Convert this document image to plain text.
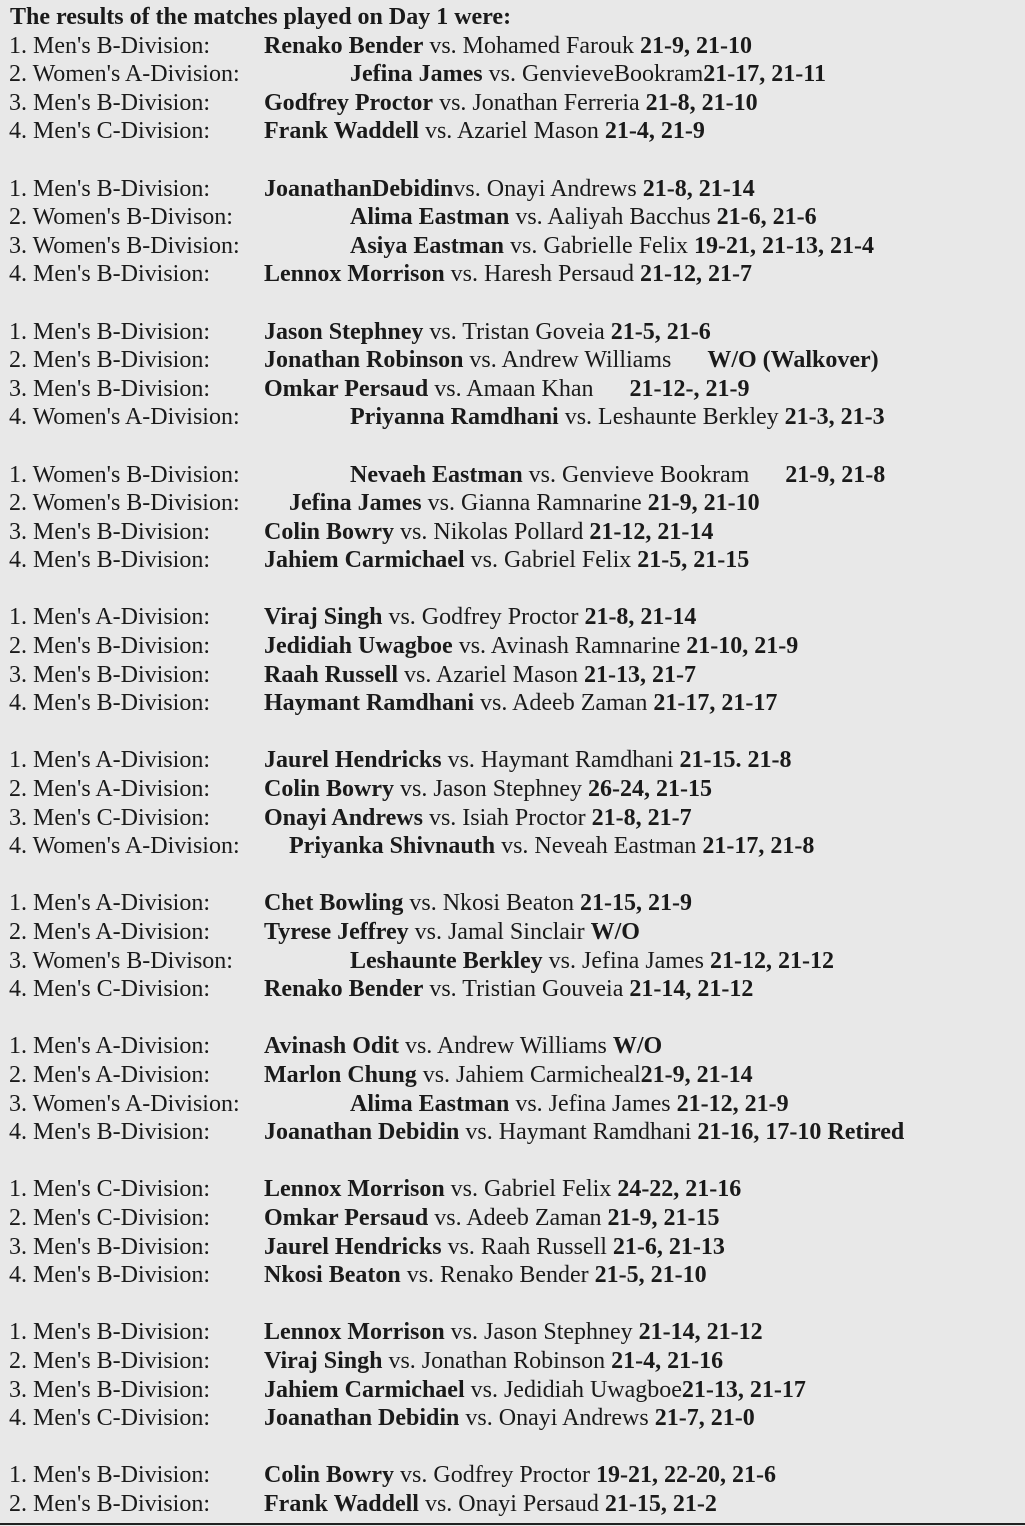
The results of the matches played on Day 1 were:
1. Men's B-Division: Renako Bender vs. Mohamed Farouk 21-9, 21-10
2. Women's A-Division:	Jefina James vs. GenvieveBookram21-17, 21-11
3. Men's B-Division: Godfrey Proctor vs. Jonathan Ferreria 21-8, 21-10
4. Men's C-Division: Frank Waddell vs. Azariel Mason 21-4, 21-9
1. Men's B-Division: JoanathanDebidinvs. Onayi Andrews 21-8, 21-14
2. Women's B-Divison:	Alima Eastman vs. Aaliyah Bacchus 21-6, 21-6
3. Women's B-Division:	Asiya Eastman vs. Gabrielle Felix 19-21, 21-13, 21-4
4. Men's B-Division: Lennox Morrison vs. Haresh Persaud 21-12, 21-7
1. Men's B-Division: Jason Stephney vs. Tristan Goveia 21-5, 21-6
2. Men's B-Division: Jonathan Robinson vs. Andrew Williams      W/O (Walkover)
3. Men's B-Division: Omkar Persaud vs. Amaan Khan      21-12-, 21-9
4. Women's A-Division:	Priyanna Ramdhani vs. Leshaunte Berkley 21-3, 21-3
1. Women's B-Division:	Nevaeh Eastman vs. Genvieve Bookram      21-9, 21-8
2. Women's B-Division: Jefina James vs. Gianna Ramnarine 21-9, 21-10
3. Men's B-Division: Colin Bowry vs. Nikolas Pollard 21-12, 21-14
4. Men's B-Division: Jahiem Carmichael vs. Gabriel Felix 21-5, 21-15
1. Men's A-Division: Viraj Singh vs. Godfrey Proctor 21-8, 21-14
2. Men's B-Division: Jedidiah Uwagboe vs. Avinash Ramnarine 21-10, 21-9
3. Men's B-Division: Raah Russell vs. Azariel Mason 21-13, 21-7
4. Men's B-Division: Haymant Ramdhani vs. Adeeb Zaman 21-17, 21-17
1. Men's A-Division: Jaurel Hendricks vs. Haymant Ramdhani 21-15. 21-8
2. Men's A-Division: Colin Bowry vs. Jason Stephney 26-24, 21-15
3. Men's C-Division: Onayi Andrews vs. Isiah Proctor 21-8, 21-7
4. Women's A-Division: Priyanka Shivnauth vs. Neveah Eastman 21-17, 21-8
1. Men's A-Division: Chet Bowling vs. Nkosi Beaton 21-15, 21-9
2. Men's A-Division: Tyrese Jeffrey vs. Jamal Sinclair W/O
3. Women's B-Divison:	Leshaunte Berkley vs. Jefina James 21-12, 21-12
4. Men's C-Division: Renako Bender vs. Tristian Gouveia 21-14, 21-12
1. Men's A-Division: Avinash Odit vs. Andrew Williams W/O
2. Men's A-Division: Marlon Chung vs. Jahiem Carmicheal21-9, 21-14
3. Women's A-Division:	Alima Eastman vs. Jefina James 21-12, 21-9
4. Men's B-Division: Joanathan Debidin vs. Haymant Ramdhani 21-16, 17-10 Retired
1. Men's C-Division: Lennox Morrison vs. Gabriel Felix 24-22, 21-16
2. Men's C-Division: Omkar Persaud vs. Adeeb Zaman 21-9, 21-15
3. Men's B-Division: Jaurel Hendricks vs. Raah Russell 21-6, 21-13
4. Men's B-Division: Nkosi Beaton vs. Renako Bender 21-5, 21-10
1. Men's B-Division: Lennox Morrison vs. Jason Stephney 21-14, 21-12
2. Men's B-Division: Viraj Singh vs. Jonathan Robinson 21-4, 21-16
3. Men's B-Division: Jahiem Carmichael vs. Jedidiah Uwagboe21-13, 21-17
4. Men's C-Division: Joanathan Debidin vs. Onayi Andrews 21-7, 21-0
1. Men's B-Division: Colin Bowry vs. Godfrey Proctor 19-21, 22-20, 21-6
2. Men's B-Division: Frank Waddell vs. Onayi Persaud 21-15, 21-2
